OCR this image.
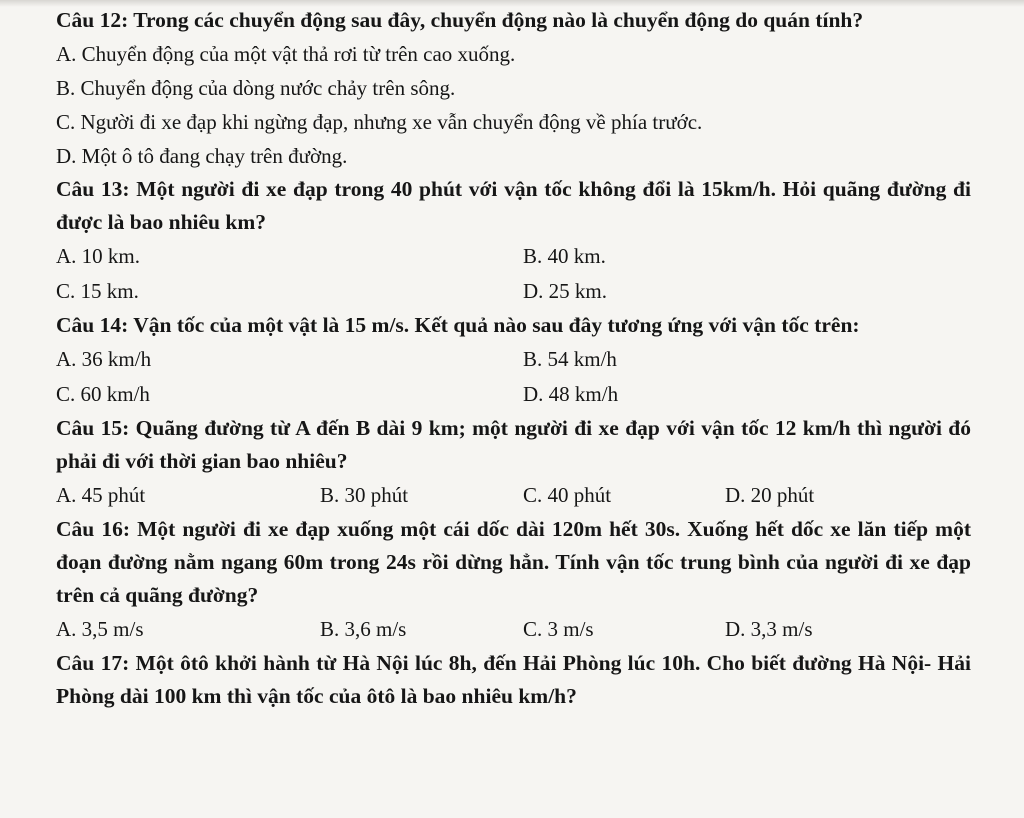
Câu 12: Trong các chuyển động sau đây, chuyển động nào là chuyển động do quán tính?
A. Chuyển động của một vật thả rơi từ trên cao xuống.
B. Chuyển động của dòng nước chảy trên sông.
C. Người đi xe đạp khi ngừng đạp, nhưng xe vẫn chuyển động về phía trước.
D. Một ô tô đang chạy trên đường.
Câu 13: Một người đi xe đạp trong 40 phút với vận tốc không đổi là 15km/h. Hỏi quãng đường đi được là bao nhiêu km?
A. 10 km.	B. 40 km.
C. 15 km.	D. 25 km.
Câu 14: Vận tốc của một vật là 15 m/s. Kết quả nào sau đây tương ứng với vận tốc trên:
A. 36 km/h	B. 54 km/h
C. 60 km/h	D. 48 km/h
Câu 15: Quãng đường từ A đến B dài 9 km; một người đi xe đạp với vận tốc 12 km/h thì người đó phải đi với thời gian bao nhiêu?
A. 45 phút	B. 30 phút	C. 40 phút	D. 20 phút
Câu 16: Một người đi xe đạp xuống một cái dốc dài 120m hết 30s. Xuống hết dốc xe lăn tiếp một đoạn đường nằm ngang 60m trong 24s rồi dừng hẳn. Tính vận tốc trung bình của người đi xe đạp trên cả quãng đường?
A. 3,5 m/s	B. 3,6 m/s	C. 3 m/s	D. 3,3 m/s
Câu 17: Một ôtô khởi hành từ Hà Nội lúc 8h, đến Hải Phòng lúc 10h. Cho biết đường Hà Nội- Hải Phòng dài 100 km thì vận tốc của ôtô là bao nhiêu km/h?
